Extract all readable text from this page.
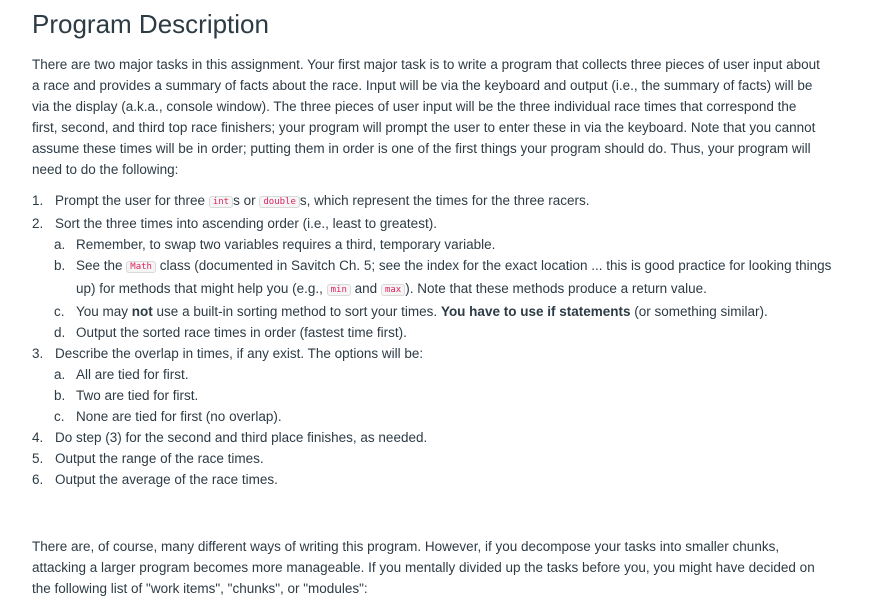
Program Description

There are two major tasks in this assignment. Your first major task is to write a program that collects three pieces of user input about a race and provides a summary of facts about the race. Input will be via the keyboard and output (i.e., the summary of facts) will be via the display (a.k.a., console window). The three pieces of user input will be the three individual race times that correspond the first, second, and third top race finishers; your program will prompt the user to enter these in via the keyboard. Note that you cannot assume these times will be in order; putting them in order is one of the first things your program should do. Thus, your program will need to do the following:

1. Prompt the user for three int s or double s, which represent the times for the three racers.
2. Sort the three times into ascending order (i.e., least to greatest).
a. Remember, to swap two variables requires a third, temporary variable.
b. See the Math class (documented in Savitch Ch. 5; see the index for the exact location ... this is good practice for looking things up) for methods that might help you (e.g., min and max ). Note that these methods produce a return value.
c. You may not use a built-in sorting method to sort your times. You have to use if statements (or something similar).
d. Output the sorted race times in order (fastest time first).
3. Describe the overlap in times, if any exist. The options will be:
a. All are tied for first.
b. Two are tied for first.
c. None are tied for first (no overlap).
4. Do step (3) for the second and third place finishes, as needed.
5. Output the range of the race times.
6. Output the average of the race times.

There are, of course, many different ways of writing this program. However, if you decompose your tasks into smaller chunks, attacking a larger program becomes more manageable. If you mentally divided up the tasks before you, you might have decided on the following list of "work items", "chunks", or "modules":
